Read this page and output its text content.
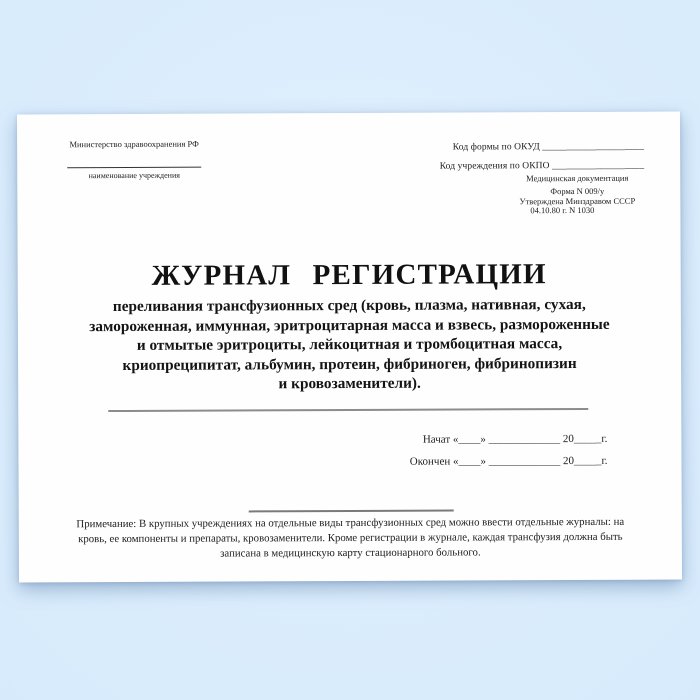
Министерство здравоохранения РФ
наименование учреждения
Код формы по ОКУД _____________________
Код учреждения по ОКПО ___________________
Медицинская документация
Форма N 009/у
Утверждена Минздравом СССР
04.10.80 г. N 1030
ЖУРНАЛ РЕГИСТРАЦИИ
переливания трансфузионных сред (кровь, плазма, нативная, сухая,
замороженная, иммунная, эритроцитарная масса и взвесь, размороженные
и отмытые эритроциты, лейкоцитная и тромбоцитная масса,
криопреципитат, альбумин, протеин, фибриноген, фибринопизин
и кровозаменители).
Начат «____» _____________ 20_____г.
Окончен «____» _____________ 20_____г.
Примечание: В крупных учреждениях на отдельные виды трансфузионных сред можно ввести отдельные журналы: на
кровь, ее компоненты и препараты, кровозаменители. Кроме регистрации в журнале, каждая трансфузия должна быть
записана в медицинскую карту стационарного больного.
